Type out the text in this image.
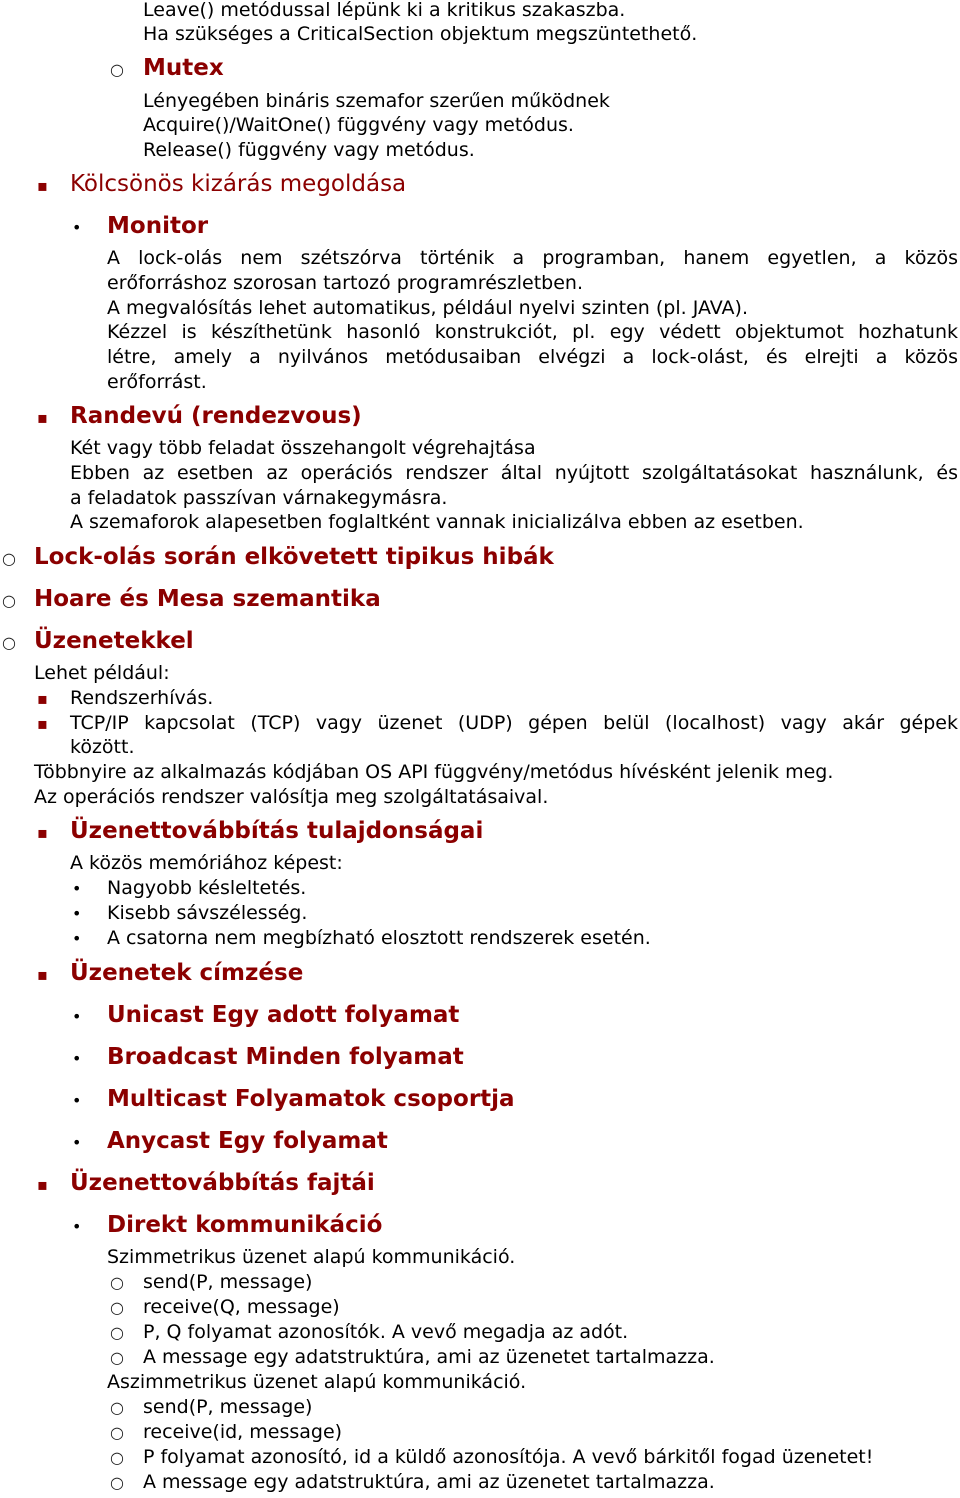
Leave() metódussal lépünk ki a kritikus szakaszba.
Ha szükséges a CriticalSection objektum megszüntethető.
○ Mutex
Lényegében bináris szemafor szerűen működnek
Acquire()/WaitOne() függvény vagy metódus.
Release() függvény vagy metódus.
▪ Kölcsönös kizárás megoldása
• Monitor
A lock-olás nem szétszórva történik a programban, hanem egyetlen, a közös
erőforráshoz szorosan tartozó programrészletben.
A megvalósítás lehet automatikus, például nyelvi szinten (pl. JAVA).
Kézzel is készíthetünk hasonló konstrukciót, pl. egy védett objektumot hozhatunk
létre, amely a nyilvános metódusaiban elvégzi a lock-olást, és elrejti a közös
erőforrást.
▪ Randevú (rendezvous)
Két vagy több feladat összehangolt végrehajtása
Ebben az esetben az operációs rendszer által nyújtott szolgáltatásokat használunk, és
a feladatok passzívan várnakegymásra.
A szemaforok alapesetben foglaltként vannak inicializálva ebben az esetben.
○ Lock-olás során elkövetett tipikus hibák
○ Hoare és Mesa szemantika
○ Üzenetekkel
Lehet például:
▪ Rendszerhívás.
▪ TCP/IP kapcsolat (TCP) vagy üzenet (UDP) gépen belül (localhost) vagy akár gépek
között.
Többnyire az alkalmazás kódjában OS API függvény/metódus hívésként jelenik meg.
Az operációs rendszer valósítja meg szolgáltatásaival.
▪ Üzenettovábbítás tulajdonságai
A közös memóriához képest:
• Nagyobb késleltetés.
• Kisebb sávszélesség.
• A csatorna nem megbízható elosztott rendszerek esetén.
▪ Üzenetek címzése
• Unicast Egy adott folyamat
• Broadcast Minden folyamat
• Multicast Folyamatok csoportja
• Anycast Egy folyamat
▪ Üzenettovábbítás fajtái
• Direkt kommunikáció
Szimmetrikus üzenet alapú kommunikáció.
○ send(P, message)
○ receive(Q, message)
○ P, Q folyamat azonosítók. A vevő megadja az adót.
○ A message egy adatstruktúra, ami az üzenetet tartalmazza.
Aszimmetrikus üzenet alapú kommunikáció.
○ send(P, message)
○ receive(id, message)
○ P folyamat azonosító, id a küldő azonosítója. A vevő bárkitől fogad üzenetet!
○ A message egy adatstruktúra, ami az üzenetet tartalmazza.
